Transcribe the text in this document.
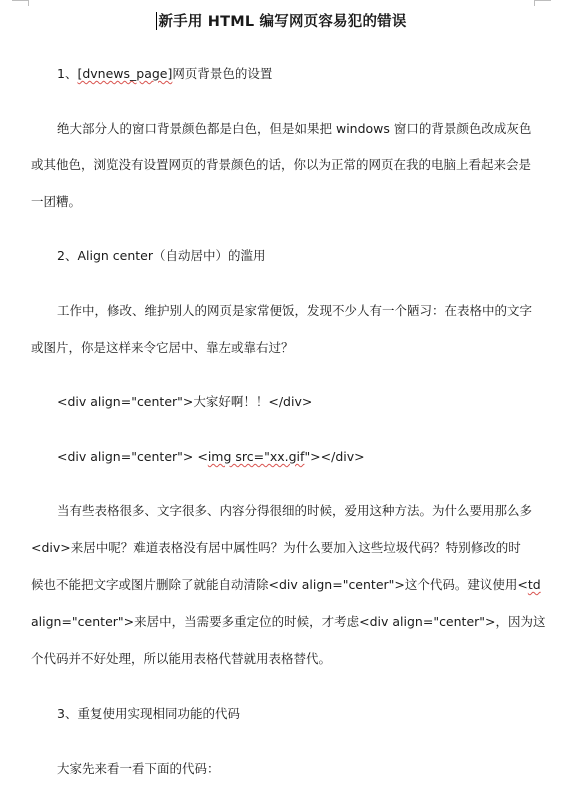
新手用 HTML 编写网页容易犯的错误
1、[dvnews_page]网页背景色的设置
绝大部分人的窗口背景颜色都是白色，但是如果把 windows 窗口的背景颜色改成灰色
或其他色，浏览没有设置网页的背景颜色的话，你以为正常的网页在我的电脑上看起来会是
一团糟。
2、Align center（自动居中）的滥用
工作中，修改、维护别人的网页是家常便饭，发现不少人有一个陋习：在表格中的文字
或图片，你是这样来令它居中、靠左或靠右过？
<div align="center">大家好啊！！</div>
<div align="center"> <img src="xx.gif"></div>
当有些表格很多、文字很多、内容分得很细的时候，爱用这种方法。为什么要用那么多
<div>来居中呢？难道表格没有居中属性吗？为什么要加入这些垃圾代码？特别修改的时
候也不能把文字或图片删除了就能自动清除<div align="center">这个代码。建议使用<td
align="center">来居中，当需要多重定位的时候，才考虑<div align="center">，因为这
个代码并不好处理，所以能用表格代替就用表格替代。
3、重复使用实现相同功能的代码
大家先来看一看下面的代码：
